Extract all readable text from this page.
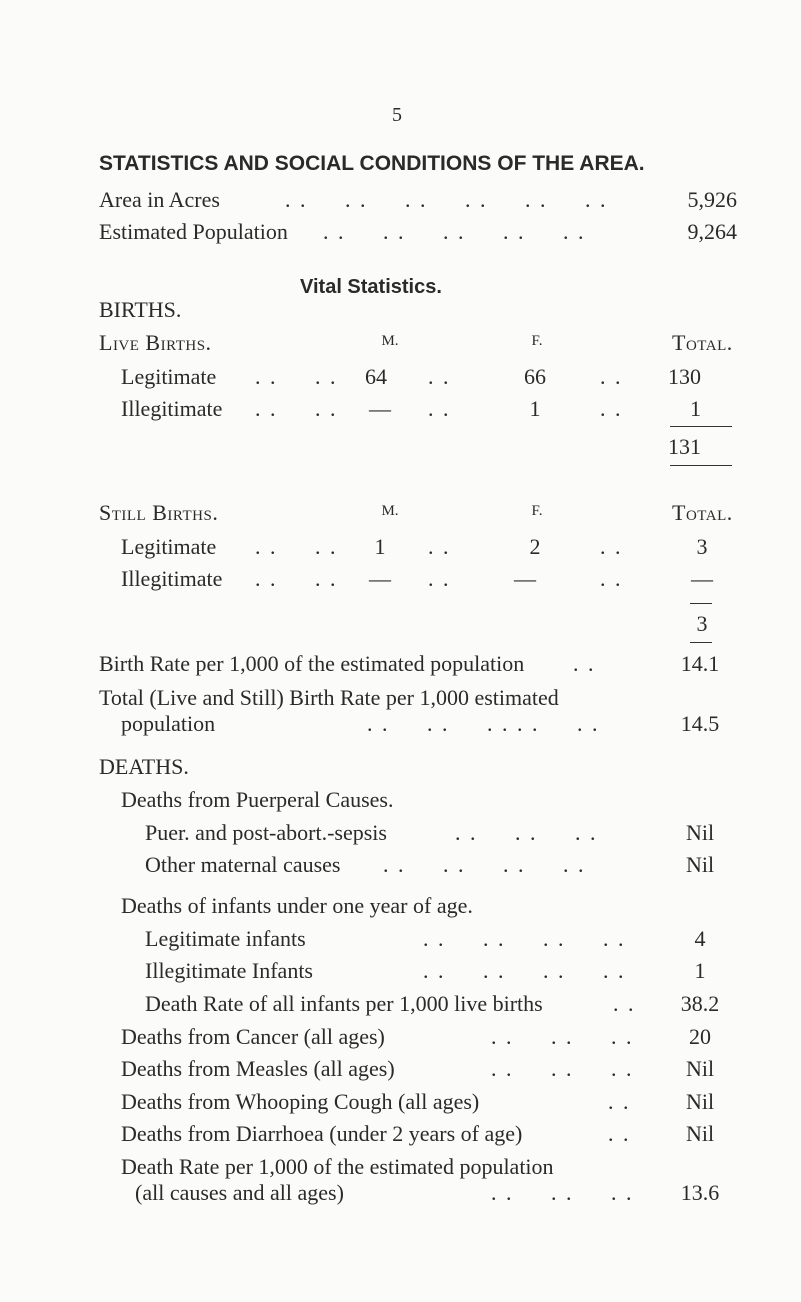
5
STATISTICS AND SOCIAL CONDITIONS OF THE AREA.
Area in Acres	. .     . .     . .     . .     . .     . .	5,926
Estimated Population . .     . .     . .     . .     . .	9,264
Vital Statistics.
BIRTHS.
Live Births.	M.	F.	Total.
Legitimate . .     . .	64	. .	66	. . 130
Illegitimate . .     . .	—	. .	1	. .	1
131
Still Births.	M.	F.	Total.
Legitimate . .     . .	1	. .	2	. .	3
Illegitimate . .     . .	—	. .	—	. .	—
3
Birth Rate per 1,000 of the estimated population . .	14.1
Total (Live and Still) Birth Rate per 1,000 estimated
population	. .     . .     . . . .     . .	14.5
DEATHS.
Deaths from Puerperal Causes.
Puer. and post-abort.-sepsis	. .     . .     . .	Nil
Other maternal causes . .     . .     . .     . .	Nil
Deaths of infants under one year of age.
Legitimate infants	. .     . .     . .     . .	4
Illegitimate Infants	. .     . .     . .     . .	1
Death Rate of all infants per 1,000 live births	. .	38.2
Deaths from Cancer (all ages)	. .     . .     . .	20
Deaths from Measles (all ages)	. .     . .     . .	Nil
Deaths from Whooping Cough (all ages)	. .	Nil
Deaths from Diarrhoea (under 2 years of age)	. .	Nil
Death Rate per 1,000 of the estimated population
(all causes and all ages)	. .     . .     . .	13.6
